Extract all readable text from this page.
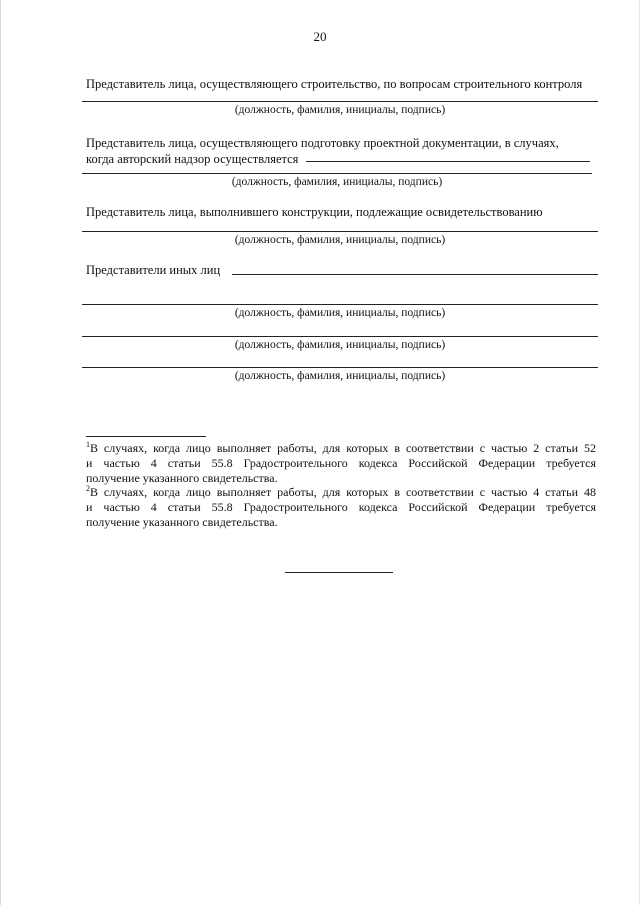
20
Представитель лица, осуществляющего строительство, по вопросам строительного контроля
(должность, фамилия, инициалы, подпись)
Представитель лица, осуществляющего подготовку проектной документации, в случаях,
когда авторский надзор осуществляется
(должность, фамилия, инициалы, подпись)
Представитель лица, выполнившего конструкции, подлежащие освидетельствованию
(должность, фамилия, инициалы, подпись)
Представители иных лиц
(должность, фамилия, инициалы, подпись)
(должность, фамилия, инициалы, подпись)
(должность, фамилия, инициалы, подпись)
$^1$В случаях, когда лицо выполняет работы, для которых в соответствии с частью 2 статьи 52
и частью 4 статьи 55.8 Градостроительного кодекса Российской Федерации требуется
получение указанного свидетельства.
$^2$В случаях, когда лицо выполняет работы, для которых в соответствии с частью 4 статьи 48
и частью 4 статьи 55.8 Градостроительного кодекса Российской Федерации требуется
получение указанного свидетельства.
